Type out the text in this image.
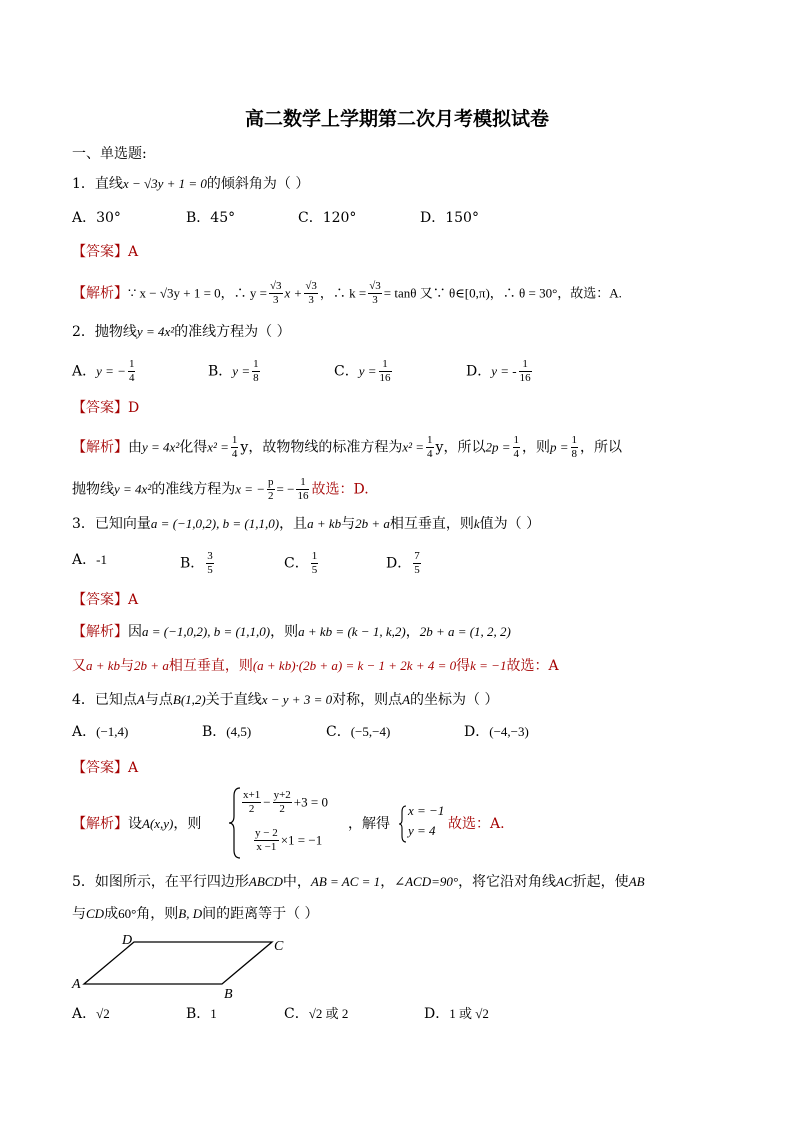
高二数学上学期第二次月考模拟试卷
一、单选题:
1．直线x − √3y + 1 = 0的倾斜角为（ ）
A．30°	B．45°	C．120°	D．150°
【答案】A
【解析】∵ x − √3y + 1 = 0，∴ $y = \frac{√3}{3}$ $x + \frac{√3}{3}$ ，∴ $k = \frac{√3}{3} = \tan\theta$ 又∵ θ∈[0,π)，∴ θ = 30°，故选：A.
2．抛物线y = 4x²的准线方程为（ ）
A．y = − $\frac{1}{4}$	B．$y = \frac{1}{8}$	C．$y = \frac{1}{16}$	D．y = - $\frac{1}{16}$
【答案】D
【解析】由y = 4x²化得$x^2 = \frac{1}{4}$ y，故物物线的标准方程为$x^2 = \frac{1}{4}$ y，所以$2p = \frac{1}{4}$ ，则$p = \frac{1}{8}$ ，所以
抛物线y = 4x²的准线方程为x = − $\frac{p}{2}$ = − $\frac{1}{16}$ 故选：D.
3．已知向量a = (−1,0,2), b = (1,1,0)，且a + kb与2b + a相互垂直，则k值为（ ）
A．-1	B． $\frac{3}{5}$	C． $\frac{1}{5}$	D． $\frac{7}{5}$
【答案】A
【解析】因a = (−1,0,2), b = (1,1,0)，则a + kb = (k − 1, k,2)，2b + a = (1, 2, 2)
又a + kb与2b + a相互垂直，则(a + kb)·(2b + a) = k − 1 + 2k + 4 = 0得k = −1故选：A
4．已知点A与点B(1,2)关于直线x − y + 3 = 0对称，则点A的坐标为（ ）
A．(−1,4)	B．(4,5)	C．(−5,−4)	D．(−4,−3)
【答案】A
【解析】设A(x,y)，则
$\frac{x+1}{2} - \frac{y+2}{2} +3 = 0$
$\frac{y - 2}{x -1} \times 1 = -1$
，解得
x = −1
y = 4 故选：A.
5．如图所示，在平行四边形ABCD中，AB = AC = 1，∠ACD=90°，将它沿对角线AC折起，使AB
与CD成60°角，则B, D间的距离等于（ ）
A
B
C
D
A．√2	B．1	C．√2 或 2	D．1 或 √2
